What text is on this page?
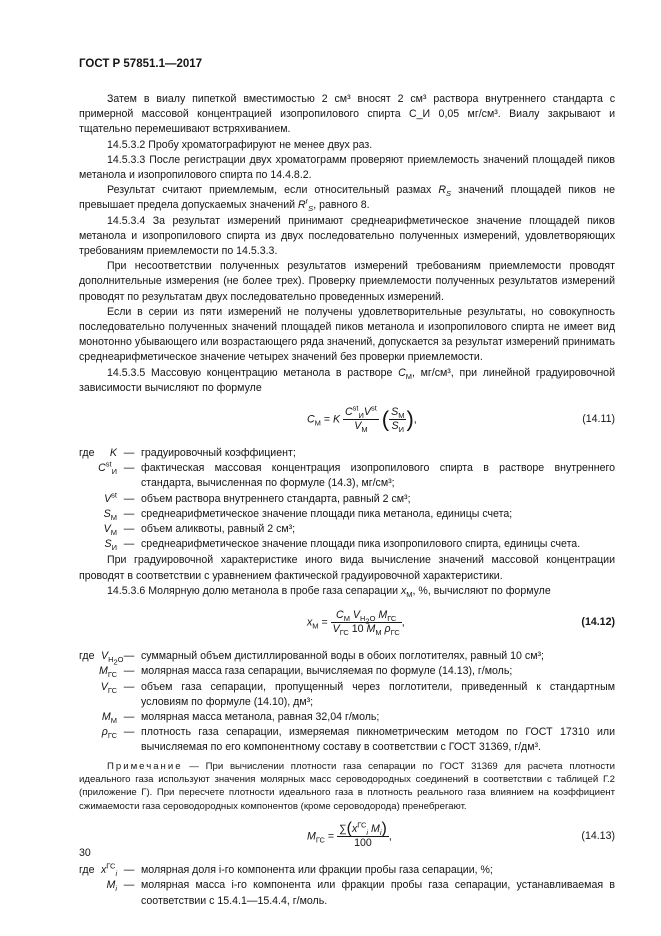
ГОСТ Р 57851.1—2017

Затем в виалу пипеткой вместимостью 2 см³ вносят 2 см³ раствора внутреннего стандарта с примерной массовой концентрацией изопропилового спирта C_И 0,05 мг/см³. Виалу закрывают и тщательно перемешивают встряхиванием.

14.5.3.2 Пробу хроматографируют не менее двух раз.

14.5.3.3 После регистрации двух хроматограмм проверяют приемлемость значений площадей пиков метанола и изопропилового спирта по 14.4.8.2.

Результат считают приемлемым, если относительный размах $R_S$ значений площадей пиков не превышает предела допускаемых значений $R^r_S$, равного 8.

14.5.3.4 За результат измерений принимают среднеарифметическое значение площадей пиков метанола и изопропилового спирта из двух последовательно полученных измерений, удовлетворяющих требованиям приемлемости по 14.5.3.3.

При несоответствии полученных результатов измерений требованиям приемлемости проводят дополнительные измерения (не более трех). Проверку приемлемости полученных результатов измерений проводят по результатам двух последовательно проведенных измерений.

Если в серии из пяти измерений не получены удовлетворительные результаты, но совокупность последовательно полученных значений площадей пиков метанола и изопропилового спирта не имеет вид монотонно убывающего или возрастающего ряда значений, допускается за результат измерений принимать среднеарифметическое значение четырех значений без проверки приемлемости.

14.5.3.5 Массовую концентрацию метанола в растворе $C_М$, мг/см³, при линейной градуировочной зависимости вычисляют по формуле

$C_М = K \frac{C^{st}_ИV^{st}}{V_М}$ ( $\frac{S_М}{S_И}$ ),	(14.11)
где	K — градуировочный коэффициент;
$Cst_И$ — фактическая массовая концентрация изопропилового спирта в растворе внутреннего стандарта, вычисленная по формуле (14.3), мг/см³;
Vst — объем раствора внутреннего стандарта, равный 2 см³;
$S_М$ — среднеарифметическое значение площади пика метанола, единицы счета;
$V_М$ — объем аликвоты, равный 2 см³;
$S_И$ — среднеарифметическое значение площади пика изопропилового спирта, единицы счета.

При градуировочной характеристике иного вида вычисление значений массовой концентрации проводят в соответствии с уравнением фактической градуировочной характеристики.

14.5.3.6 Молярную долю метанола в пробе газа сепарации $x_М$, %, вычисляют по формуле

$x_М = \frac{C_М V_{H_2O} M_{ГС}}{V_{ГС} 10 M_М \rho_{ГС}}$ ,	(14.12)
где $V_{H_2O}$ — суммарный объем дистиллированной воды в обоих поглотителях, равный 10 см³;
$M_{ГС}$ — молярная масса газа сепарации, вычисляемая по формуле (14.13), г/моль;
$V_{ГС}$ — объем газа сепарации, пропущенный через поглотители, приведенный к стандартным условиям по формуле (14.10), дм³;
$M_М$ — молярная масса метанола, равная 32,04 г/моль;
$\rho_{ГС}$ — плотность газа сепарации, измеряемая пикнометрическим методом по ГОСТ 17310 или вычисляемая по его компонентному составу в соответствии с ГОСТ 31369, г/дм³.

Примечание — При вычислении плотности газа сепарации по ГОСТ 31369 для расчета плотности идеального газа используют значения молярных масс сероводородных соединений в соответствии с таблицей Г.2 (приложение Г). При пересчете плотности идеального газа в плотность реального газа влиянием на коэффициент сжимаемости газа сероводородных компонентов (кроме сероводорода) пренебрегают.

$M_{ГС} = \frac{\sum(x^{ГС}_i M_i)}{100}$ ,	(14.13)
где $x^{ГС}_i$ — молярная доля i-го компонента или фракции пробы газа сепарации, %;
$M_i$ — молярная масса i-го компонента или фракции пробы газа сепарации, устанавливаемая в соответствии с 15.4.1—15.4.4, г/моль.
30
